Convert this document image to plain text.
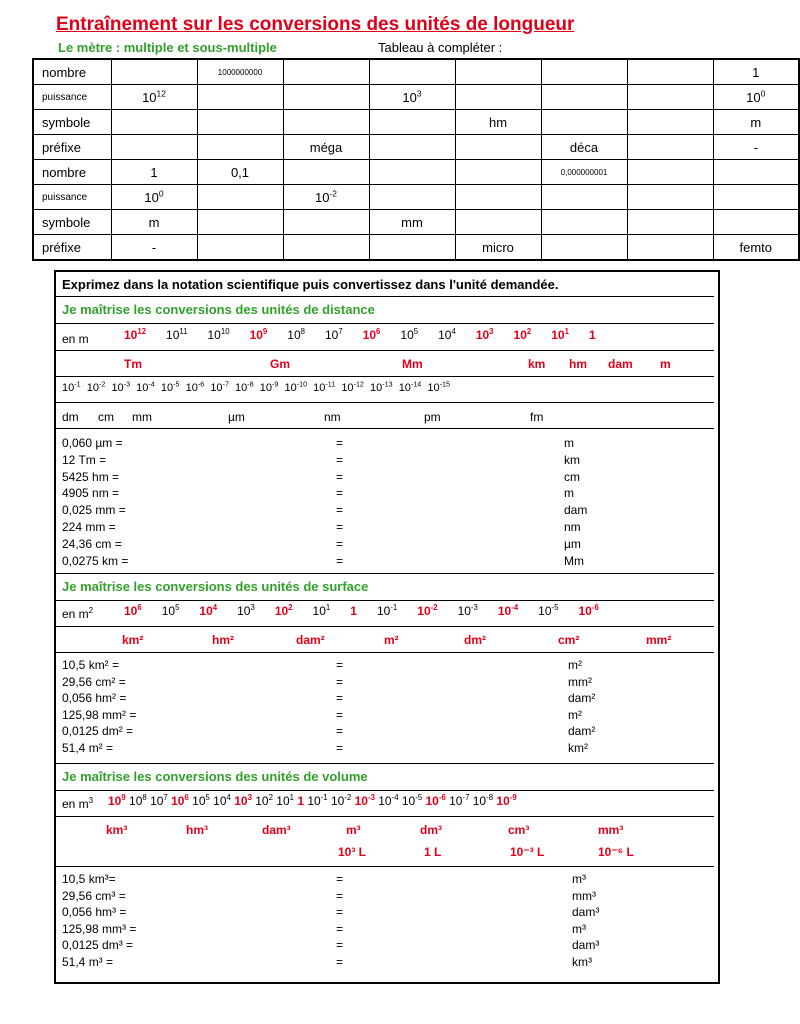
Entraînement sur les conversions des unités de longueur
Le mètre : multiple et sous-multiple	Tableau à compléter :
nombre		1000000000						1
puissance	$10^{12}$			$10^3$				$10^0$
symbole					hm			m
préfixe			méga			déca		-
nombre	1	0,1				0,000000001		
puissance	$10^0$		$10^{-2}$					
symbole	m			mm				
préfixe	-				micro			femto
Exprimez dans la notation scientifique puis convertissez dans l'unité demandée.
Je maîtrise les conversions des unités de distance
en m	$10^{12}$      $10^{11}$      $10^{10}$ $10^9$      $10^8$      $10^7$ $10^6$      $10^5$      $10^4$ $10^3$ $10^2$ $10^1$ 1
Tm	Gm	Mm	km hm dam m
$10^{-1}$  $10^{-2}$  $10^{-3}$  $10^{-4}$  $10^{-5}$  $10^{-6}$  $10^{-7}$  $10^{-8}$  $10^{-9}$  $10^{-10}$  $10^{-11}$  $10^{-12}$  $10^{-13}$  $10^{-14}$  $10^{-15}$
dm cm mm	µm	nm	pm	fm
0,060 µm =	=	m
12 Tm =	=	km
5425 hm =	=	cm
4905 nm =	=	m
0,025 mm =	=	dam
224 mm =	=	nm
24,36 cm =	=	µm
0,0275 km =	=	Mm
Je maîtrise les conversions des unités de surface
en $m^2$	$10^6$      $10^5$ $10^4$      $10^3$ $10^2$      $10^1$ 1      $10^{-1}$ $10^{-2}$      $10^{-3}$ $10^{-4}$      $10^{-5}$ $10^{-6}$
km²	hm²	dam²	m²	dm²	cm²	mm²
10,5 km² =	=	m²
29,56 cm² =	=	mm²
0,056 hm² =	=	dam²
125,98 mm² =	=	m²
0,0125 dm² =	=	dam²
51,4 m² =	=	km²
Je maîtrise les conversions des unités de volume
en $m^3$ $10^9$ $10^8$ $10^7$ $10^6$ $10^5$ $10^4$ $10^3$ $10^2$ $10^1$ 1 $10^{-1}$ $10^{-2}$ $10^{-3}$ $10^{-4}$ $10^{-5}$ $10^{-6}$ $10^{-7}$ $10^{-8}$ $10^{-9}$
km³	hm³	dam³	m³	dm³	cm³	mm³
10³ L	1 L	10⁻³ L	10⁻⁶ L
10,5 km³=	=	m³
29,56 cm³ =	=	mm³
0,056 hm³ =	=	dam³
125,98 mm³ =	=	m³
0,0125 dm³ =	=	dam³
51,4 m³ =	=	km³
